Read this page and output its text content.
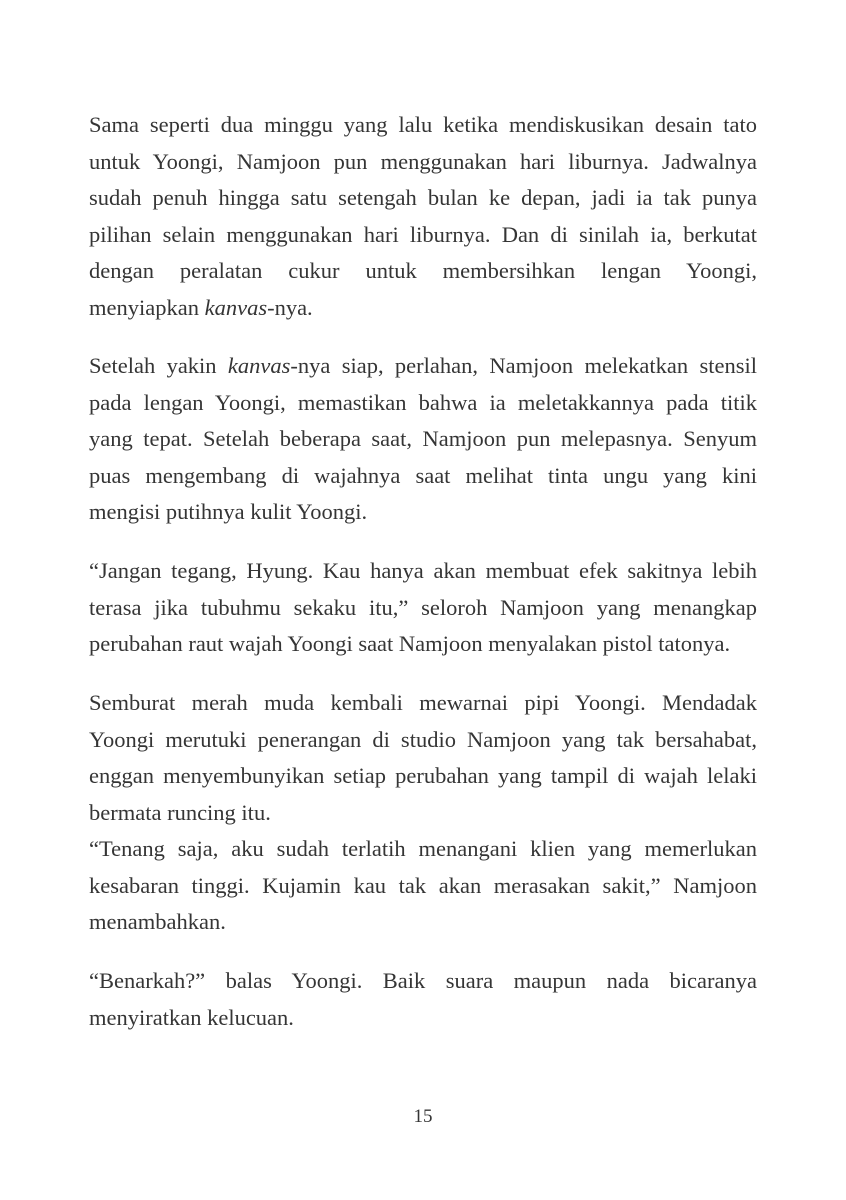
Sama seperti dua minggu yang lalu ketika mendiskusikan desain tato
untuk Yoongi, Namjoon pun menggunakan hari liburnya. Jadwalnya
sudah penuh hingga satu setengah bulan ke depan, jadi ia tak punya
pilihan selain menggunakan hari liburnya. Dan di sinilah ia, berkutat
dengan peralatan cukur untuk membersihkan lengan Yoongi,
menyiapkan kanvas-nya.
Setelah yakin kanvas-nya siap, perlahan, Namjoon melekatkan stensil
pada lengan Yoongi, memastikan bahwa ia meletakkannya pada titik
yang tepat. Setelah beberapa saat, Namjoon pun melepasnya. Senyum
puas mengembang di wajahnya saat melihat tinta ungu yang kini
mengisi putihnya kulit Yoongi.
“Jangan tegang, Hyung. Kau hanya akan membuat efek sakitnya lebih
terasa jika tubuhmu sekaku itu,” seloroh Namjoon yang menangkap
perubahan raut wajah Yoongi saat Namjoon menyalakan pistol tatonya.
Semburat merah muda kembali mewarnai pipi Yoongi. Mendadak
Yoongi merutuki penerangan di studio Namjoon yang tak bersahabat,
enggan menyembunyikan setiap perubahan yang tampil di wajah lelaki
bermata runcing itu.
“Tenang saja, aku sudah terlatih menangani klien yang memerlukan
kesabaran tinggi. Kujamin kau tak akan merasakan sakit,” Namjoon
menambahkan.
“Benarkah?” balas Yoongi. Baik suara maupun nada bicaranya
menyiratkan kelucuan.
15
